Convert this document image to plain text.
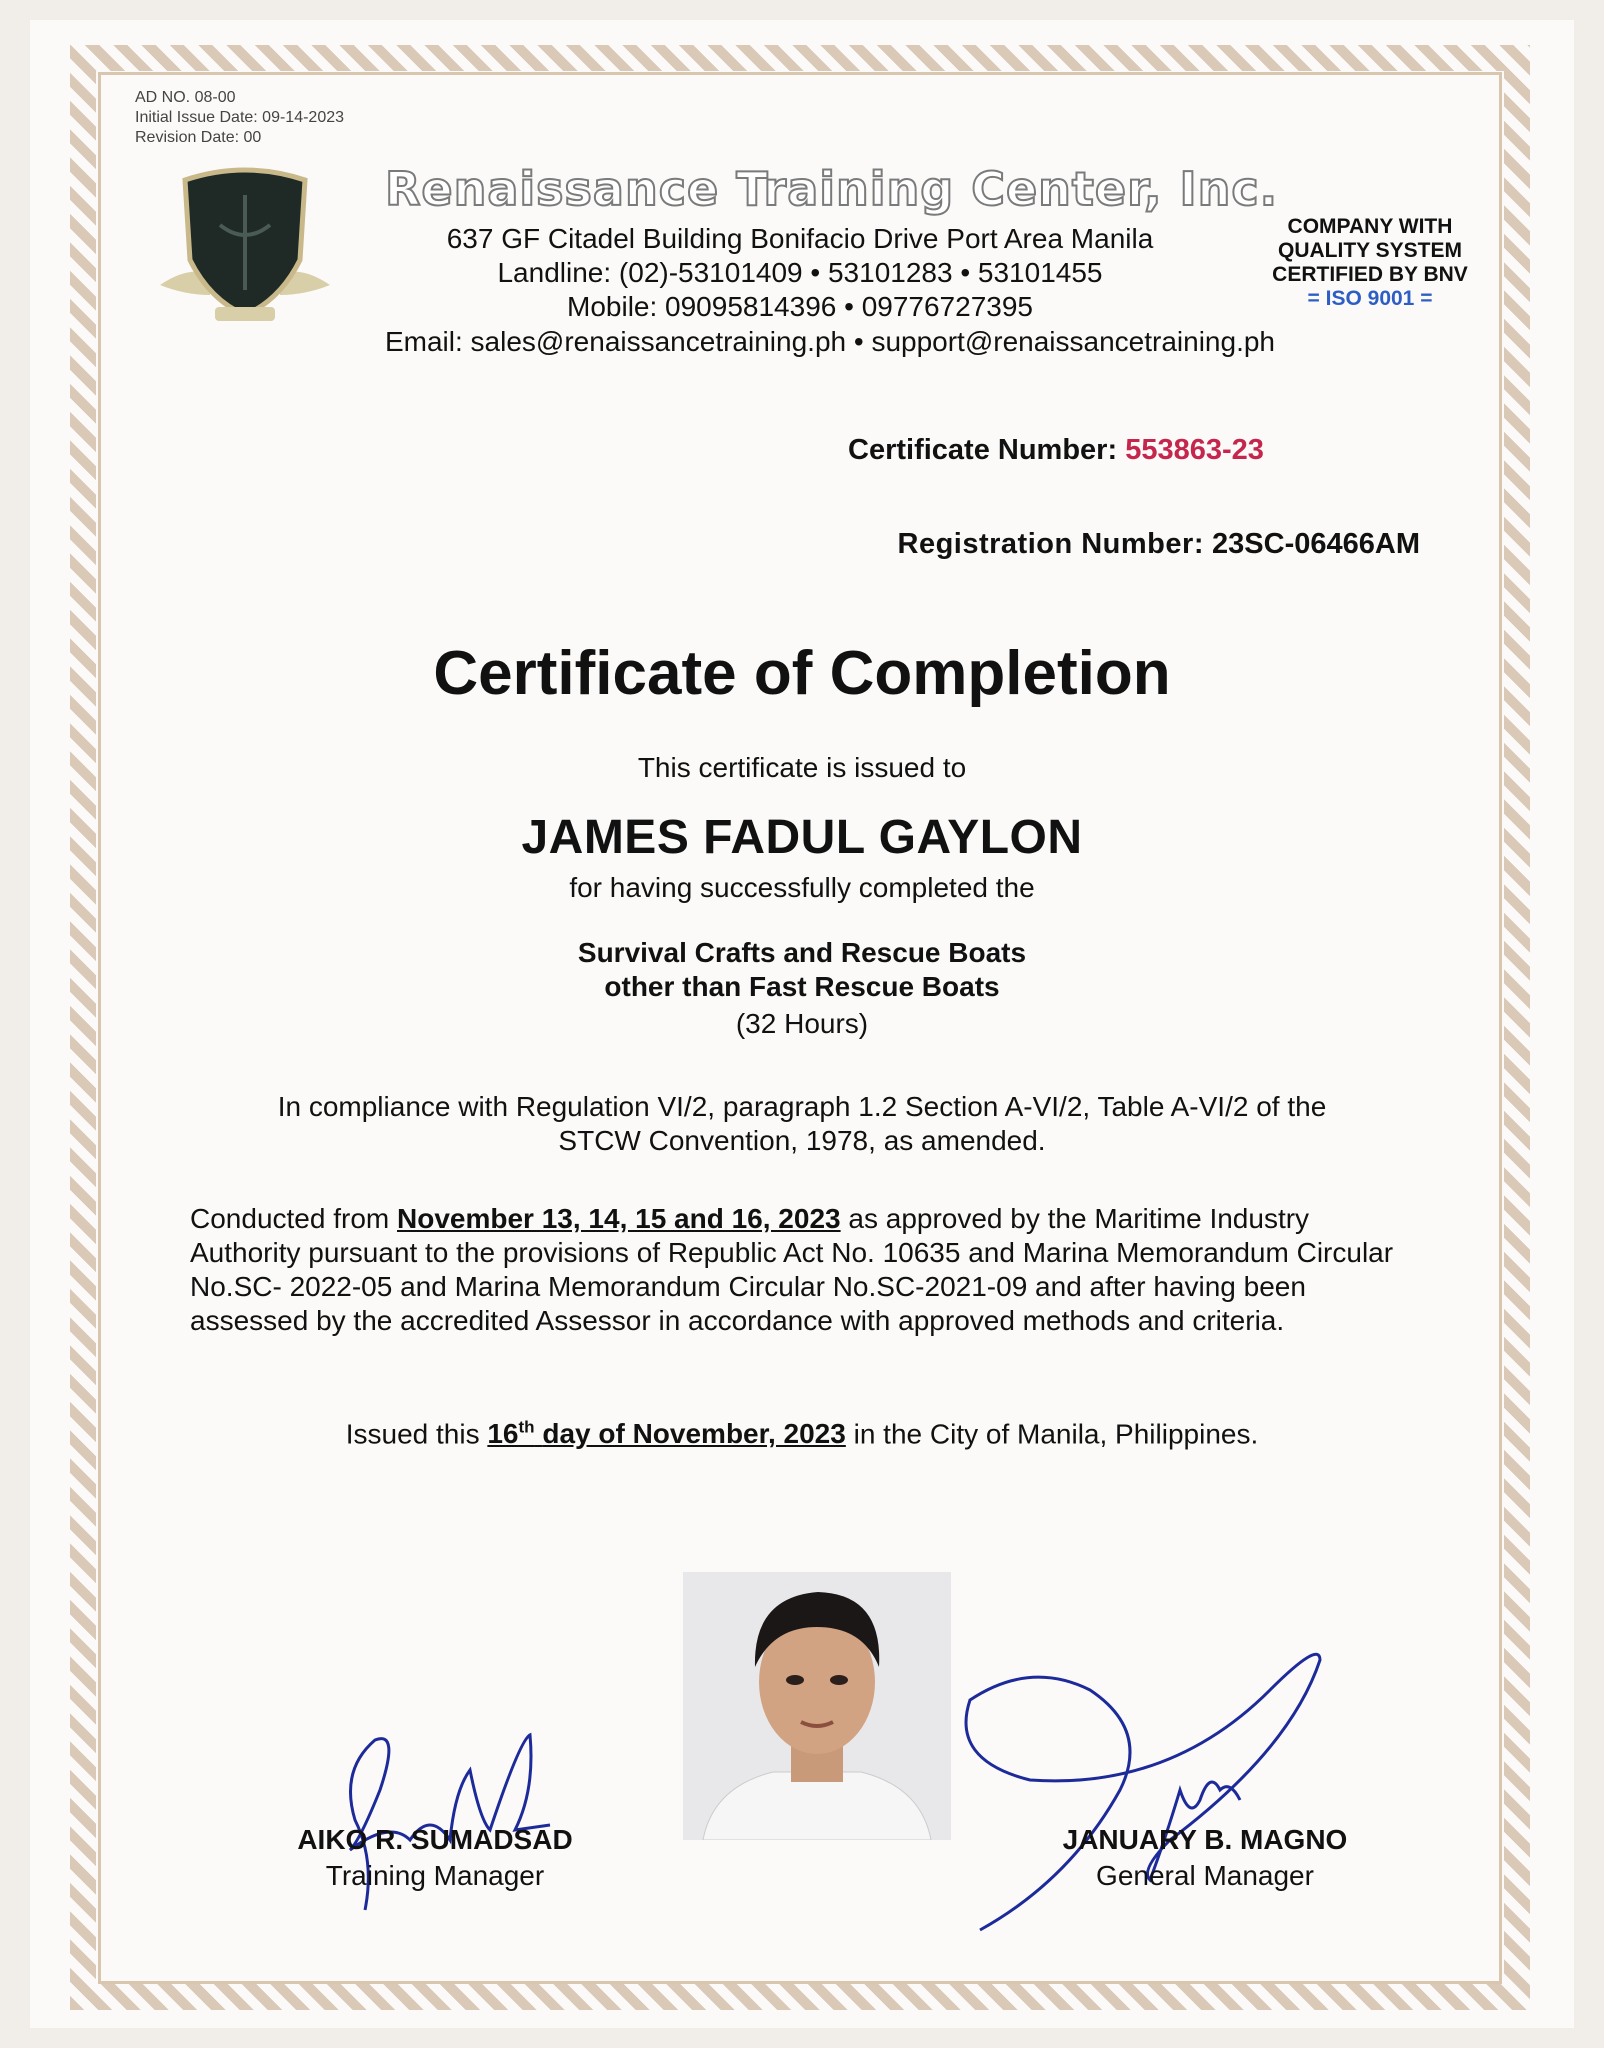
AD NO. 08-00
Initial Issue Date: 09-14-2023
Revision Date: 00
Renaissance Training Center, Inc.
637 GF Citadel Building Bonifacio Drive Port Area Manila
Landline: (02)-53101409 • 53101283 • 53101455
Mobile: 09095814396 • 09776727395
Email: sales@renaissancetraining.ph • support@renaissancetraining.ph
COMPANY WITH
QUALITY SYSTEM
CERTIFIED BY BNV
= ISO 9001 =
Certificate Number: 553863-23
Registration Number: 23SC-06466AM
Certificate of Completion
This certificate is issued to
JAMES FADUL GAYLON
for having successfully completed the
Survival Crafts and Rescue Boats
other than Fast Rescue Boats
(32 Hours)
In compliance with Regulation VI/2, paragraph 1.2 Section A-VI/2, Table A-VI/2 of the
STCW Convention, 1978, as amended.
Conducted from November 13, 14, 15 and 16, 2023 as approved by the Maritime Industry Authority pursuant to the provisions of Republic Act No. 10635 and Marina Memorandum Circular No.SC- 2022-05 and Marina Memorandum Circular No.SC-2021-09 and after having been assessed by the accredited Assessor in accordance with approved methods and criteria.
Issued this 16th day of November, 2023 in the City of Manila, Philippines.
AIKO R. SUMADSAD
Training Manager
JANUARY B. MAGNO
General Manager
